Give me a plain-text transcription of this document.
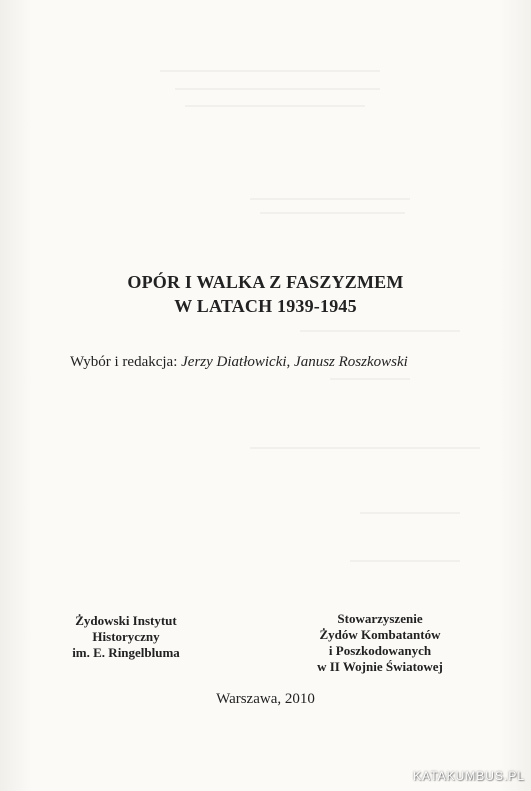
OPÓR I WALKA Z FASZYZMEM
W LATACH 1939-1945
Wybór i redakcja: Jerzy Diatłowicki, Janusz Roszkowski
Żydowski Instytut
Historyczny
im. E. Ringelbluma
Stowarzyszenie
Żydów Kombatantów
i Poszkodowanych
w II Wojnie Światowej
Warszawa, 2010
KATAKUMBUS.PL
